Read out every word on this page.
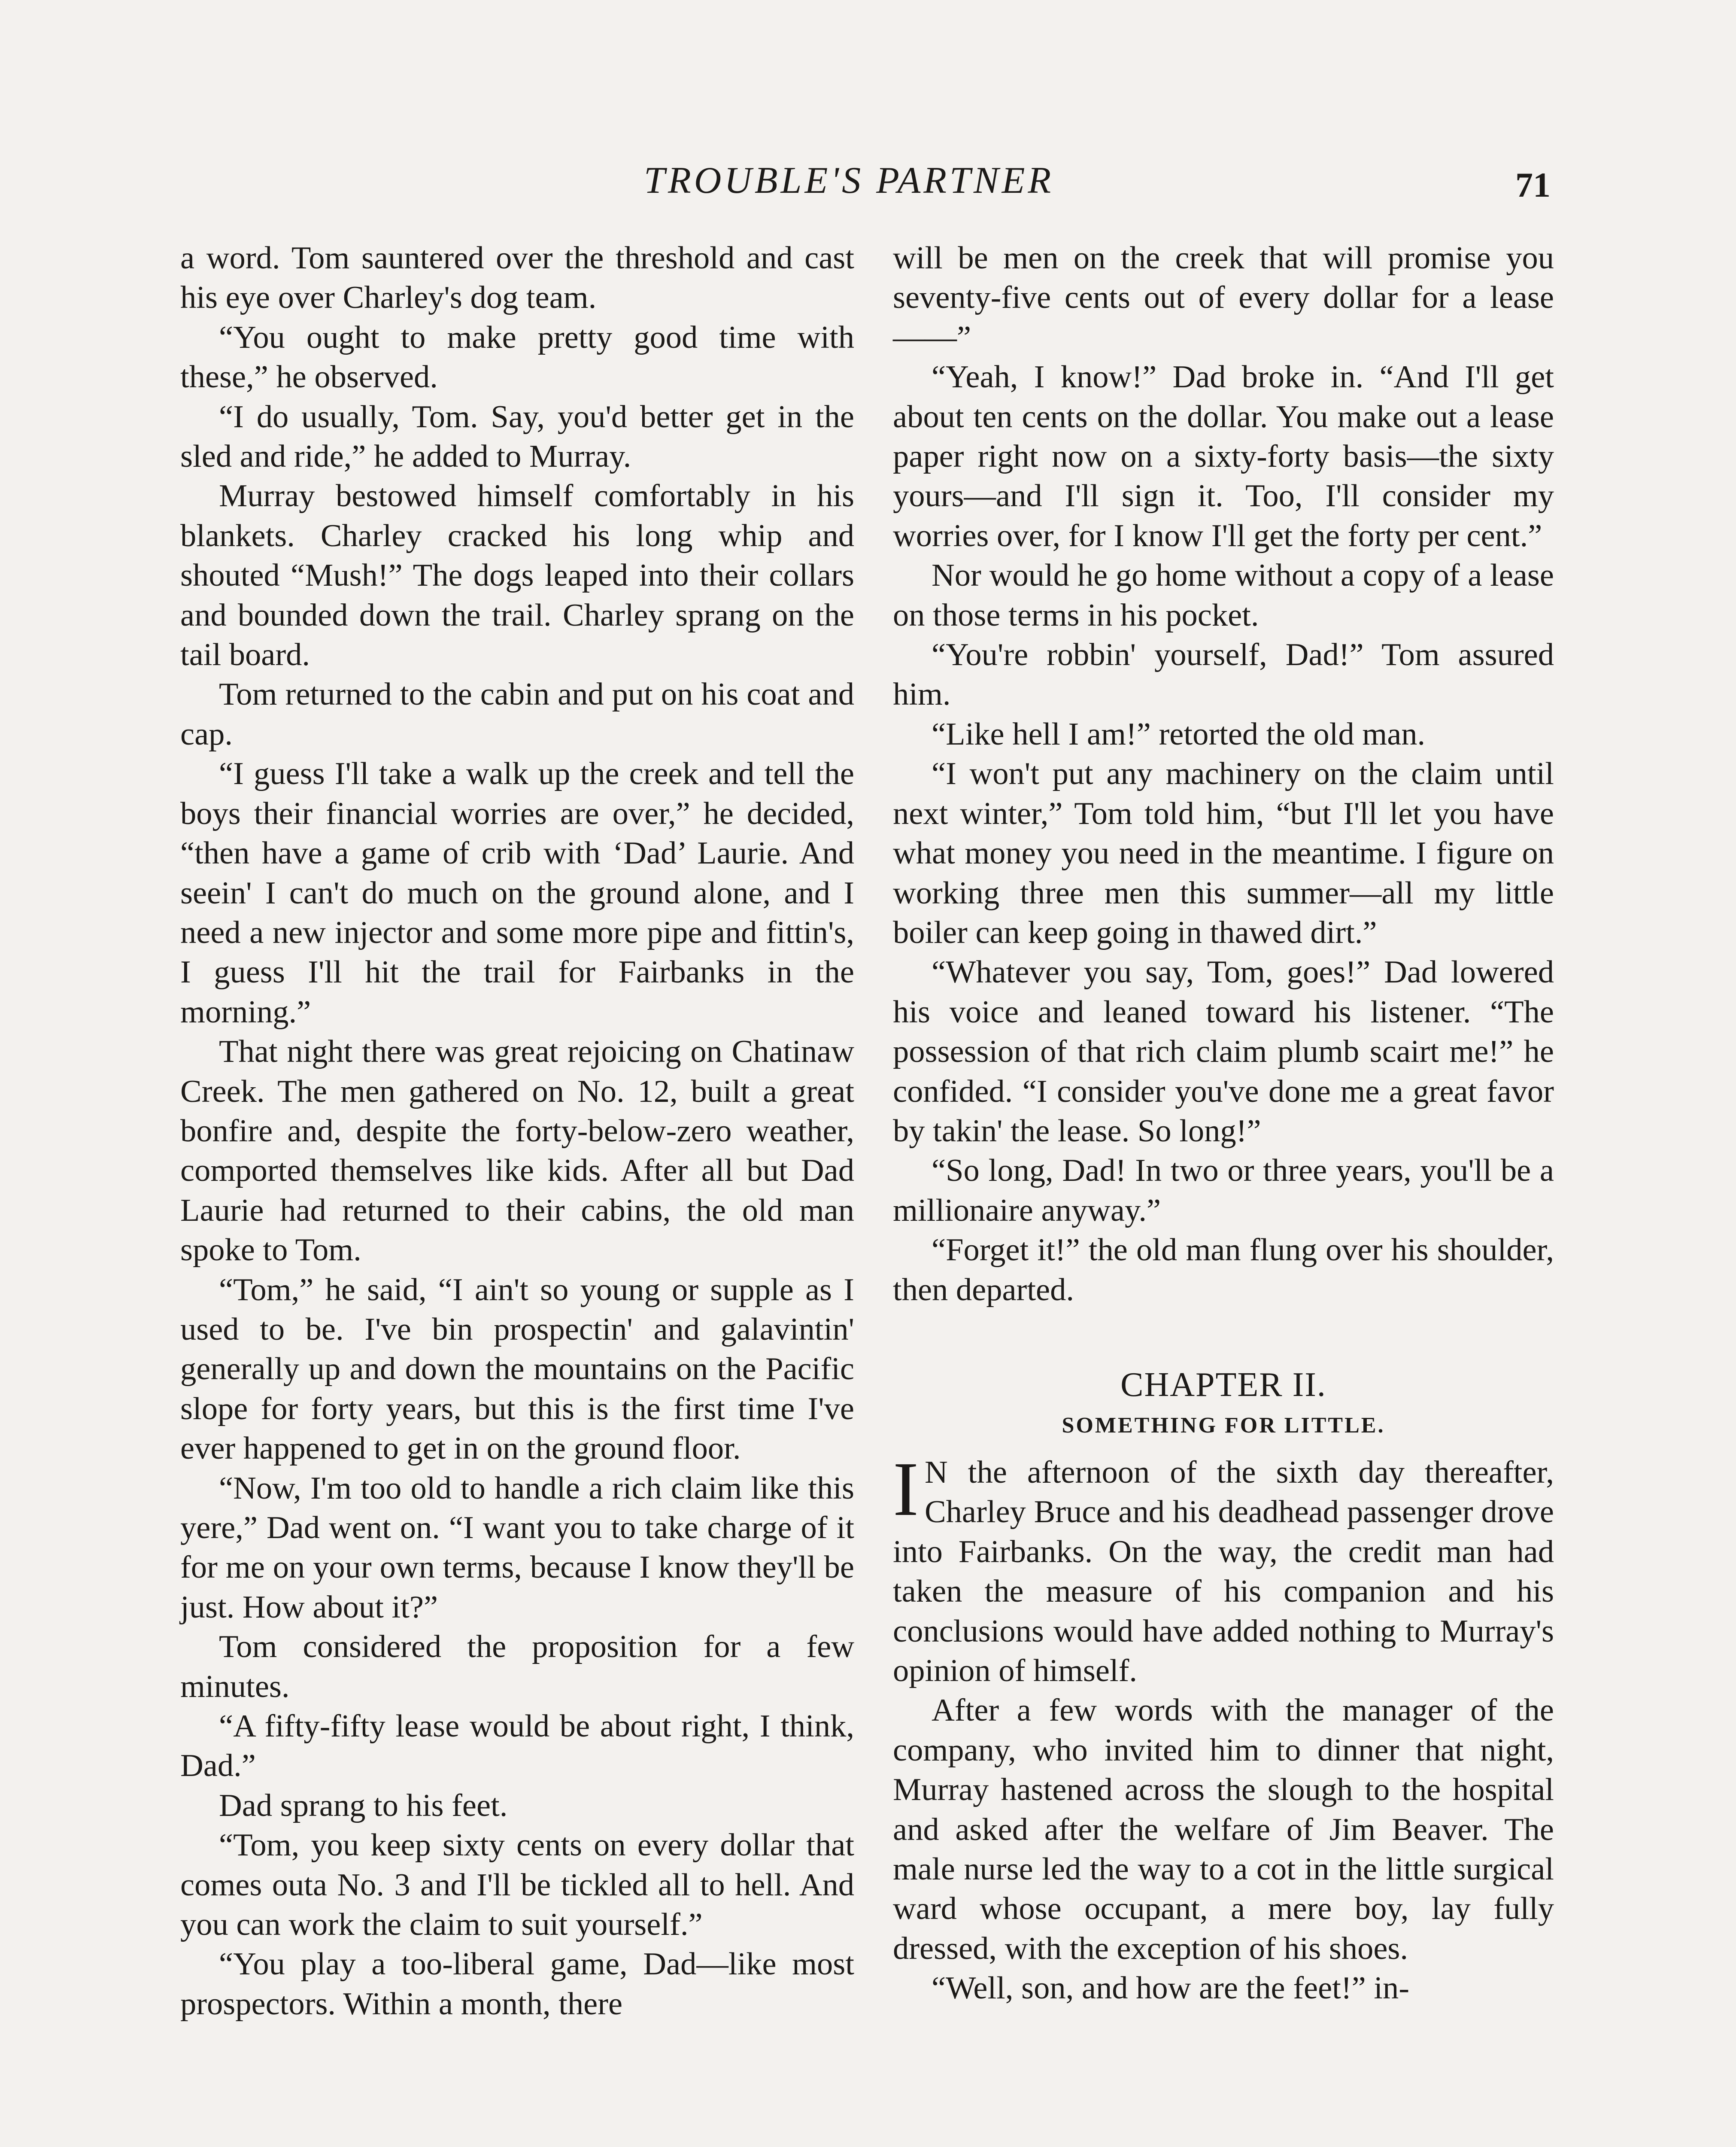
TROUBLE'S PARTNER	71

a word. Tom sauntered over the threshold and cast his eye over Charley's dog team.

“You ought to make pretty good time with these,” he observed.

“I do usually, Tom. Say, you'd better get in the sled and ride,” he added to Murray.

Murray bestowed himself comfortably in his blankets. Charley cracked his long whip and shouted “Mush!” The dogs leaped into their collars and bounded down the trail. Charley sprang on the tail board.

Tom returned to the cabin and put on his coat and cap.

“I guess I'll take a walk up the creek and tell the boys their financial worries are over,” he decided, “then have a game of crib with ‘Dad’ Laurie. And seein' I can't do much on the ground alone, and I need a new injector and some more pipe and fittin's, I guess I'll hit the trail for Fairbanks in the morning.”

That night there was great rejoicing on Chatinaw Creek. The men gathered on No. 12, built a great bonfire and, despite the forty-below-zero weather, comported themselves like kids. After all but Dad Laurie had returned to their cabins, the old man spoke to Tom.

“Tom,” he said, “I ain't so young or supple as I used to be. I've bin prospectin' and galavintin' generally up and down the mountains on the Pacific slope for forty years, but this is the first time I've ever happened to get in on the ground floor.

“Now, I'm too old to handle a rich claim like this yere,” Dad went on. “I want you to take charge of it for me on your own terms, because I know they'll be just. How about it?”

Tom considered the proposition for a few minutes.

“A fifty-fifty lease would be about right, I think, Dad.”

Dad sprang to his feet.

“Tom, you keep sixty cents on every dollar that comes outa No. 3 and I'll be tickled all to hell. And you can work the claim to suit yourself.”

“You play a too-liberal game, Dad—like most prospectors. Within a month, there

will be men on the creek that will promise you seventy-five cents out of every dollar for a lease——”

“Yeah, I know!” Dad broke in. “And I'll get about ten cents on the dollar. You make out a lease paper right now on a sixty-forty basis—the sixty yours—and I'll sign it. Too, I'll consider my worries over, for I know I'll get the forty per cent.”

Nor would he go home without a copy of a lease on those terms in his pocket.

“You're robbin' yourself, Dad!” Tom assured him.

“Like hell I am!” retorted the old man.

“I won't put any machinery on the claim until next winter,” Tom told him, “but I'll let you have what money you need in the meantime. I figure on working three men this summer—all my little boiler can keep going in thawed dirt.”

“Whatever you say, Tom, goes!” Dad lowered his voice and leaned toward his listener. “The possession of that rich claim plumb scairt me!” he confided. “I consider you've done me a great favor by takin' the lease. So long!”

“So long, Dad! In two or three years, you'll be a millionaire anyway.”

“Forget it!” the old man flung over his shoulder, then departed.

CHAPTER II.
SOMETHING FOR LITTLE.

I N the afternoon of the sixth day thereafter, Charley Bruce and his deadhead passenger drove into Fairbanks. On the way, the credit man had taken the measure of his companion and his conclusions would have added nothing to Murray's opinion of himself.

After a few words with the manager of the company, who invited him to dinner that night, Murray hastened across the slough to the hospital and asked after the welfare of Jim Beaver. The male nurse led the way to a cot in the little surgical ward whose occupant, a mere boy, lay fully dressed, with the exception of his shoes.

“Well, son, and how are the feet!” in-
